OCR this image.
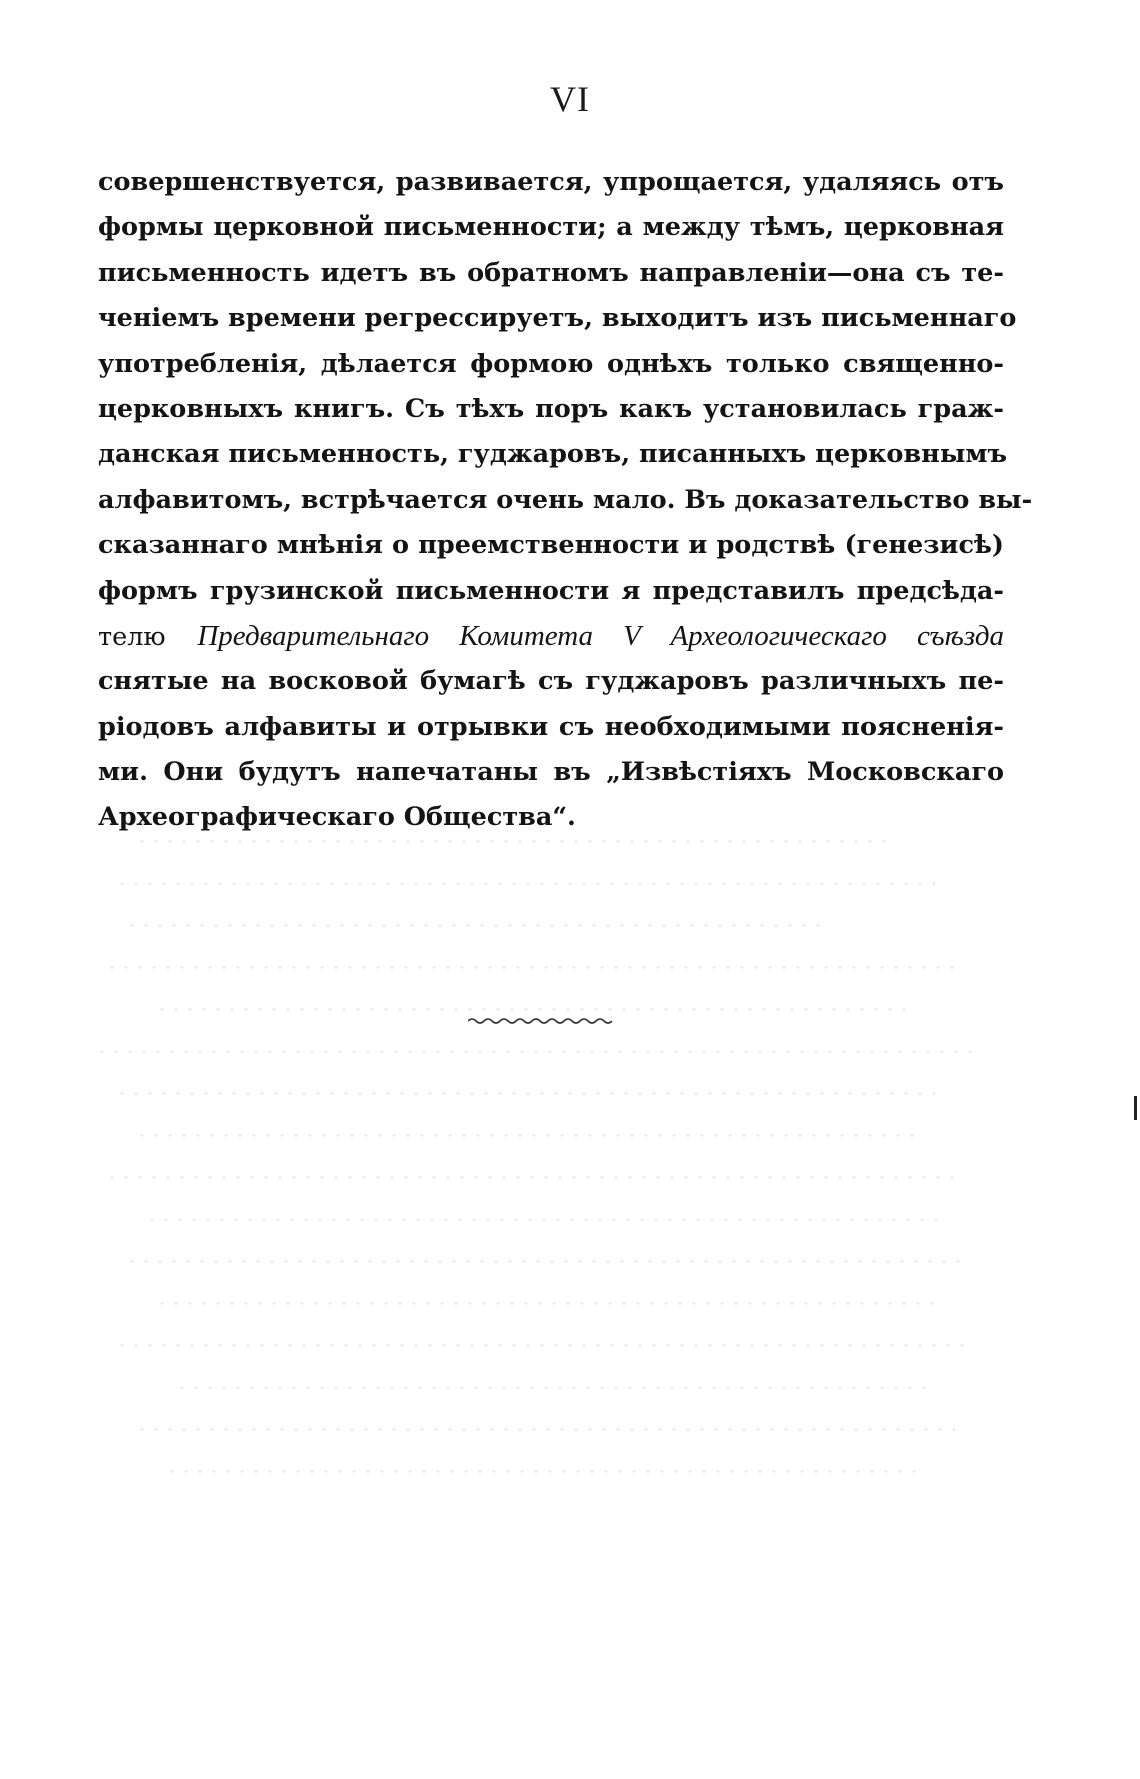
VI
совершенствуется, развивается, упрощается, удаляясь отъ
формы церковной письменности; а между тѣмъ, церковная
письменность идетъ въ обратномъ направленiи—она съ те-
ченiемъ времени регрессируетъ, выходитъ изъ письменнаго
употребленiя, дѣлается формою однѣхъ только священно-
церковныхъ книгъ. Съ тѣхъ поръ какъ установилась граж-
данская письменность, гуджаровъ, писанныхъ церковнымъ
алфавитомъ, встрѣчается очень мало. Въ доказательство вы-
сказаннаго мнѣнiя о преемственности и родствѣ (генезисѣ)
формъ грузинской письменности я представилъ предсѣда-
телю Предварительнаго Комитета V Археологическаго съѣзда
снятые на восковой бумагѣ съ гуджаровъ различныхъ пе-
рiодовъ алфавиты и отрывки съ необходимыми поясненiя-
ми. Они будутъ напечатаны въ „Извѣстiяхъ Московскаго
Археографическаго Общества“.
